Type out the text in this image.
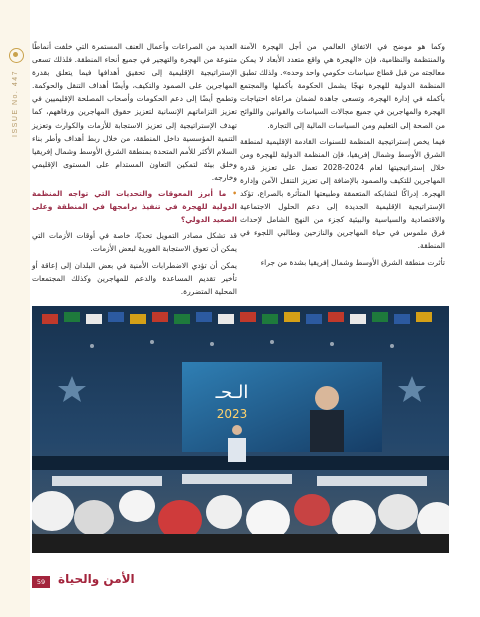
ISSUE No. 447

وكما هو موضح في الاتفاق العالمي من أجل الهجرة الآمنة والمنتظمة والنظامية، فإن «الهجرة هي واقع متعدد الأبعاد لا يمكن معالجته من قبل قطاع سياسات حكومي واحد وحده». ولذلك تطبق المنظمة الدولية للهجرة نهجًا يشمل الحكومة بأكملها والمجتمع بأكمله في إدارة الهجرة، وتسعى جاهدة لضمان مراعاة احتياجات الهجرة والمهاجرين في جميع مجالات السياسات والقوانين واللوائح من الصحة إلى التعليم ومن السياسات المالية إلى التجارة.

فيما يخص إستراتيجية المنظمة للسنوات القادمة الإقليمية لمنطقة الشرق الأوسط وشمال إفريقيا، فإن المنظمة الدولية للهجرة ومن خلال إستراتيجيتها لعام 2024-2028 تعمل على تعزيز قدرة المهاجرين للتكيف والصمود بالإضافة إلى تعزيز التنقل الآمن وإدارة الهجرة. إدراكًا لتشابكه المتعمقة وطبيعتها المتأثرة بالصراع، تؤكد الإستراتيجية الإقليمية الجديدة إلى دعم الحلول الاجتماعية والاقتصادية والسياسية والبيئية كجزء من النهج الشامل لإحداث فرق ملموس في حياة المهاجرين والنازحين وطالبي اللجوء في المنطقة.

تأثرت منطقة الشرق الأوسط وشمال إفريقيا بشدة من جراء

العديد من الصراعات وأعمال العنف المستمرة التي خلفت أنماطًا متنوعة من الهجرة والتهجير في جميع أنحاء المنطقة. فلذلك تسعى الإستراتيجية الإقليمية إلى تحقيق أهدافها فيما يتعلق بقدرة المهاجرين على الصمود والتكيف، وأيضًا أهداف التنقل والحوكمة. وتطمح أيضًا إلى دعم الحكومات وأصحاب المصلحة الإقليميين في تعزيز التزاماتهم الإنسانية لتعزيز حقوق المهاجرين ورفاههم، كما تهدف الإستراتيجية إلى تعزيز الاستجابة للأزمات والكوارث وتعزيز التنمية المؤسسية داخل المنطقة، من خلال ربط أهداف وأطر بناء السلام الأكثر للأمم المتحدة بمنطقة الشرق الأوسط وشمال إفريقيا وخلق بيئة لتمكين التعاون المستدام على المستوى الإقليمي وخارجه.

• ما أبرز المعوقات والتحديات التي تواجه المنظمة الدولية للهجرة في تنفيذ برامجها في المنطقة وعلى الصعيد الدولي؟

قد تشكل مصادر التمويل تحديًا، خاصة في أوقات الأزمات التي يمكن أن تعوق الاستجابة الفورية لبعض الأزمات.

يمكن أن تؤدي الاضطرابات الأمنية في بعض البلدان إلى إعاقة أو تأخير تقديم المساعدة والدعم للمهاجرين وكذلك المجتمعات المحلية المتضررة.

الـحـ
2023
59	الأمن والحياة
